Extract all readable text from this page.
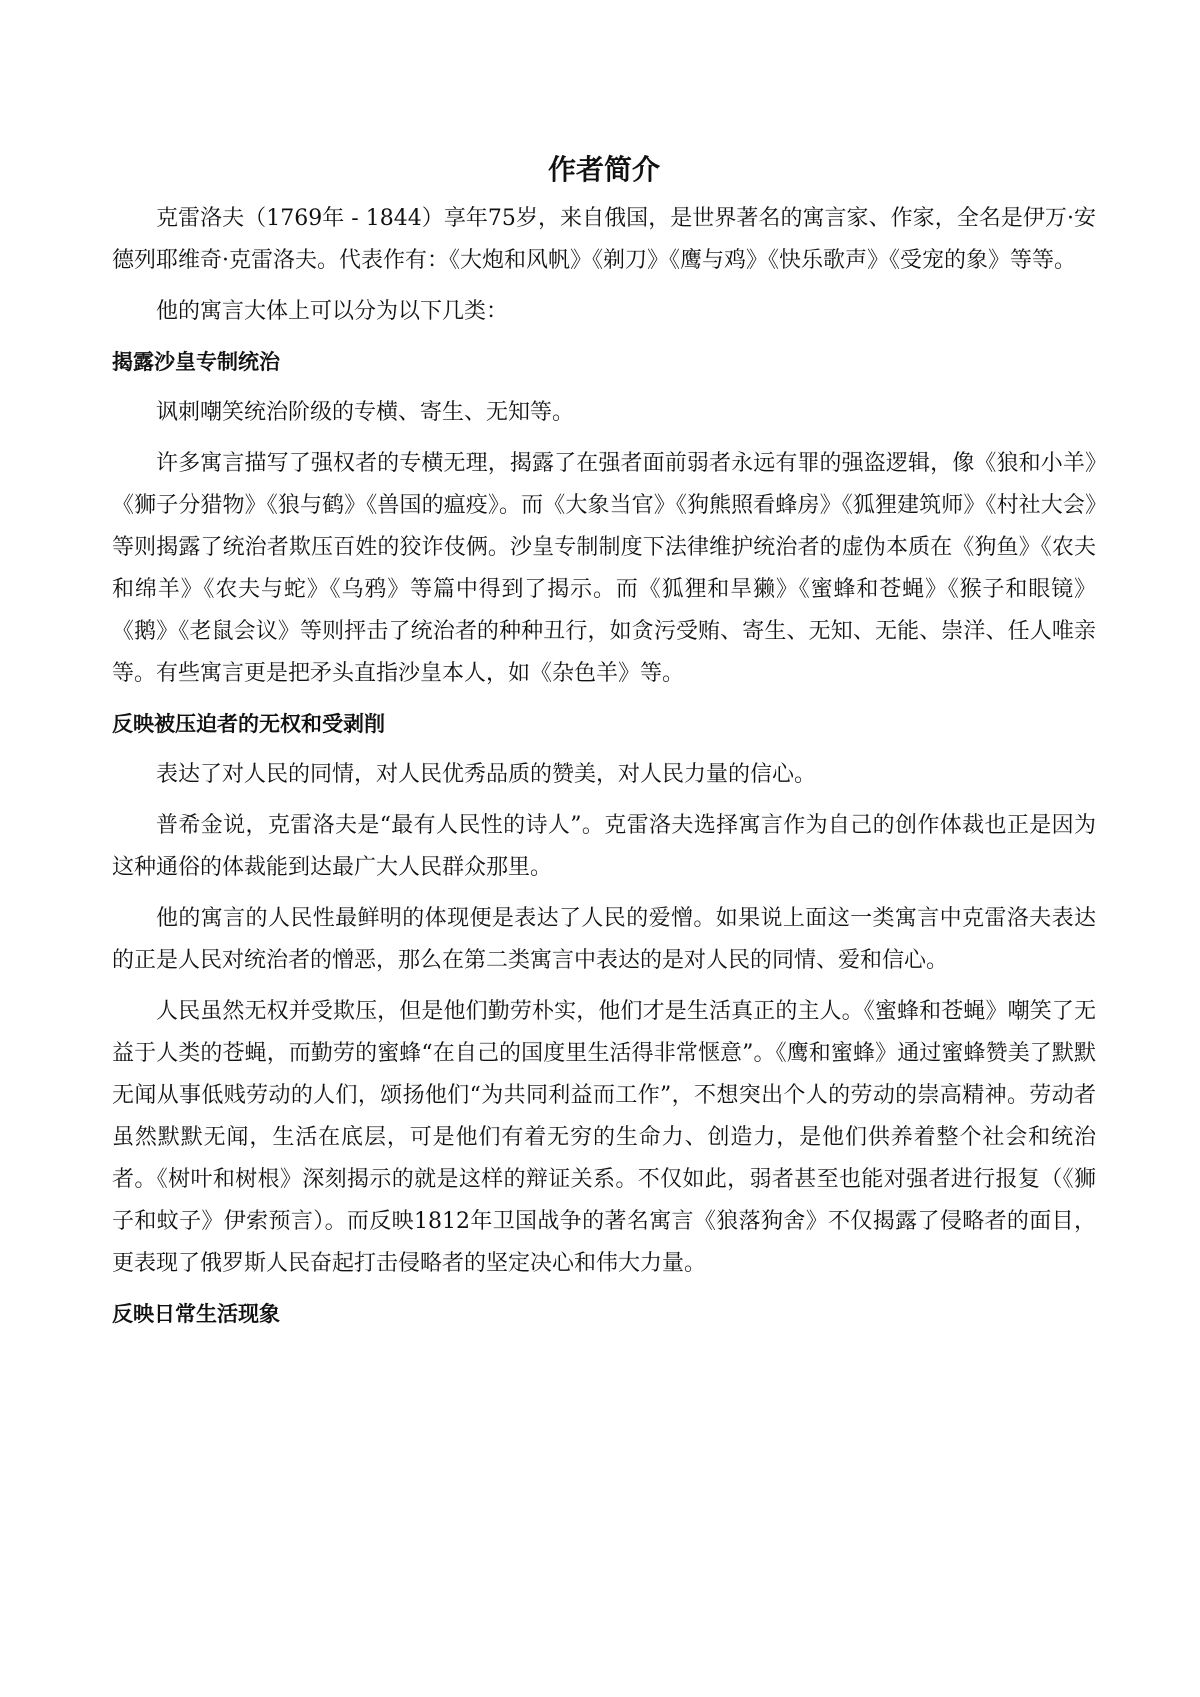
作者简介

克雷洛夫（1769年 - 1844）享年75岁，来自俄国，是世界著名的寓言家、作家，全名是伊万·安德列耶维奇·克雷洛夫。代表作有：《大炮和风帆》《剃刀》《鹰与鸡》《快乐歌声》《受宠的象》等等。

他的寓言大体上可以分为以下几类：

揭露沙皇专制统治

讽刺嘲笑统治阶级的专横、寄生、无知等。

许多寓言描写了强权者的专横无理，揭露了在强者面前弱者永远有罪的强盗逻辑，像《狼和小羊》《狮子分猎物》《狼与鹤》《兽国的瘟疫》。而《大象当官》《狗熊照看蜂房》《狐狸建筑师》《村社大会》等则揭露了统治者欺压百姓的狡诈伎俩。沙皇专制制度下法律维护统治者的虚伪本质在《狗鱼》《农夫和绵羊》《农夫与蛇》《乌鸦》等篇中得到了揭示。而《狐狸和旱獭》《蜜蜂和苍蝇》《猴子和眼镜》《鹅》《老鼠会议》等则抨击了统治者的种种丑行，如贪污受贿、寄生、无知、无能、崇洋、任人唯亲等。有些寓言更是把矛头直指沙皇本人，如《杂色羊》等。

反映被压迫者的无权和受剥削

表达了对人民的同情，对人民优秀品质的赞美，对人民力量的信心。

普希金说，克雷洛夫是“最有人民性的诗人”。克雷洛夫选择寓言作为自己的创作体裁也正是因为这种通俗的体裁能到达最广大人民群众那里。

他的寓言的人民性最鲜明的体现便是表达了人民的爱憎。如果说上面这一类寓言中克雷洛夫表达的正是人民对统治者的憎恶，那么在第二类寓言中表达的是对人民的同情、爱和信心。

人民虽然无权并受欺压，但是他们勤劳朴实，他们才是生活真正的主人。《蜜蜂和苍蝇》嘲笑了无益于人类的苍蝇，而勤劳的蜜蜂“在自己的国度里生活得非常惬意”。《鹰和蜜蜂》通过蜜蜂赞美了默默无闻从事低贱劳动的人们，颂扬他们“为共同利益而工作”，不想突出个人的劳动的崇高精神。劳动者虽然默默无闻，生活在底层，可是他们有着无穷的生命力、创造力，是他们供养着整个社会和统治者。《树叶和树根》深刻揭示的就是这样的辩证关系。不仅如此，弱者甚至也能对强者进行报复（《狮子和蚊子》伊索预言）。而反映1812年卫国战争的著名寓言《狼落狗舍》不仅揭露了侵略者的面目，更表现了俄罗斯人民奋起打击侵略者的坚定决心和伟大力量。

反映日常生活现象
